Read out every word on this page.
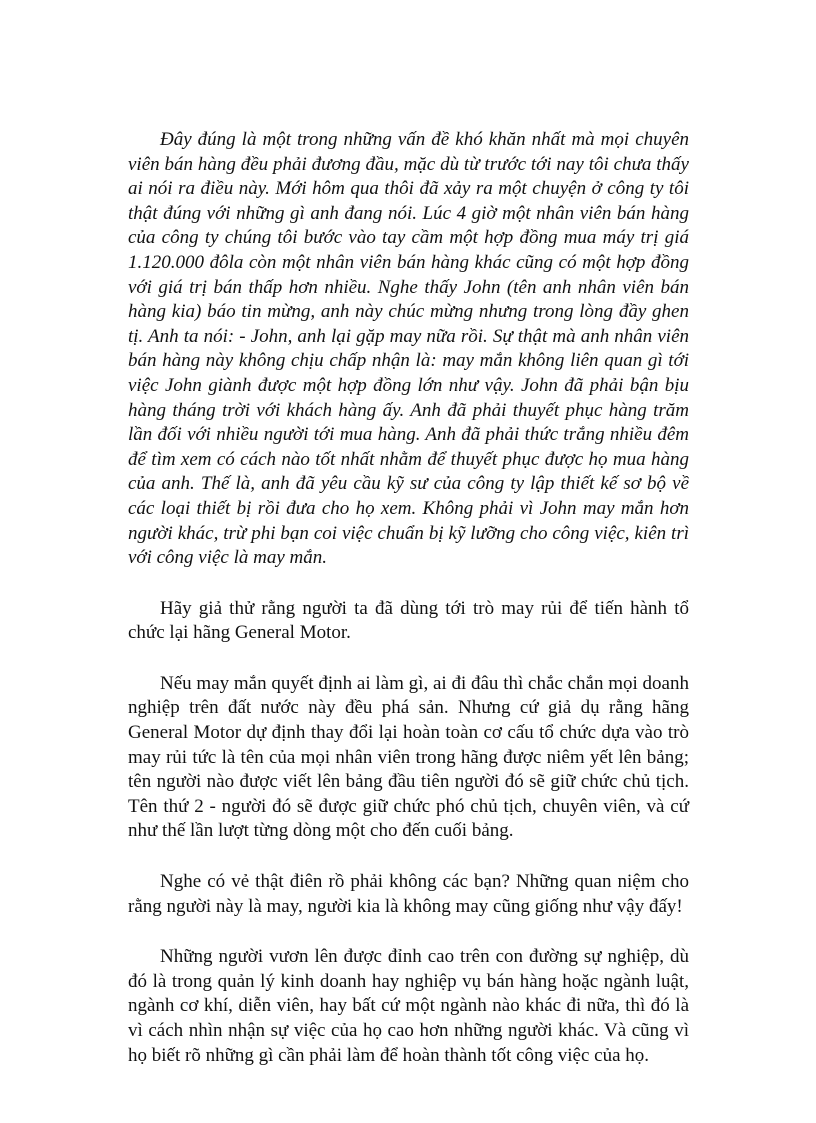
Đây đúng là một trong những vấn đề khó khăn nhất mà mọi chuyên viên bán hàng đều phải đương đầu, mặc dù từ trước tới nay tôi chưa thấy ai nói ra điều này. Mới hôm qua thôi đã xảy ra một chuyện ở công ty tôi thật đúng với những gì anh đang nói. Lúc 4 giờ một nhân viên bán hàng của công ty chúng tôi bước vào tay cầm một hợp đồng mua máy trị giá 1.120.000 đôla còn một nhân viên bán hàng khác cũng có một hợp đồng với giá trị bán thấp hơn nhiều. Nghe thấy John (tên anh nhân viên bán hàng kia) báo tin mừng, anh này chúc mừng nhưng trong lòng đầy ghen tị. Anh ta nói: - John, anh lại gặp may nữa rồi. Sự thật mà anh nhân viên bán hàng này không chịu chấp nhận là: may mắn không liên quan gì tới việc John giành được một hợp đồng lớn như vậy. John đã phải bận bịu hàng tháng trời với khách hàng ấy. Anh đã phải thuyết phục hàng trăm lần đối với nhiều người tới mua hàng. Anh đã phải thức trắng nhiều đêm để tìm xem có cách nào tốt nhất nhằm để thuyết phục được họ mua hàng của anh. Thế là, anh đã yêu cầu kỹ sư của công ty lập thiết kế sơ bộ về các loại thiết bị rồi đưa cho họ xem. Không phải vì John may mắn hơn người khác, trừ phi bạn coi việc chuẩn bị kỹ lưỡng cho công việc, kiên trì với công việc là may mắn.

Hãy giả thử rằng người ta đã dùng tới trò may rủi để tiến hành tổ chức lại hãng General Motor.

Nếu may mắn quyết định ai làm gì, ai đi đâu thì chắc chắn mọi doanh nghiệp trên đất nước này đều phá sản. Nhưng cứ giả dụ rằng hãng General Motor dự định thay đổi lại hoàn toàn cơ cấu tổ chức dựa vào trò may rủi tức là tên của mọi nhân viên trong hãng được niêm yết lên bảng; tên người nào được viết lên bảng đầu tiên người đó sẽ giữ chức chủ tịch. Tên thứ 2 - người đó sẽ được giữ chức phó chủ tịch, chuyên viên, và cứ như thế lần lượt từng dòng một cho đến cuối bảng.

Nghe có vẻ thật điên rồ phải không các bạn? Những quan niệm cho rằng người này là may, người kia là không may cũng giống như vậy đấy!

Những người vươn lên được đỉnh cao trên con đường sự nghiệp, dù đó là trong quản lý kinh doanh hay nghiệp vụ bán hàng hoặc ngành luật, ngành cơ khí, diễn viên, hay bất cứ một ngành nào khác đi nữa, thì đó là vì cách nhìn nhận sự việc của họ cao hơn những người khác. Và cũng vì họ biết rõ những gì cần phải làm để hoàn thành tốt công việc của họ.
